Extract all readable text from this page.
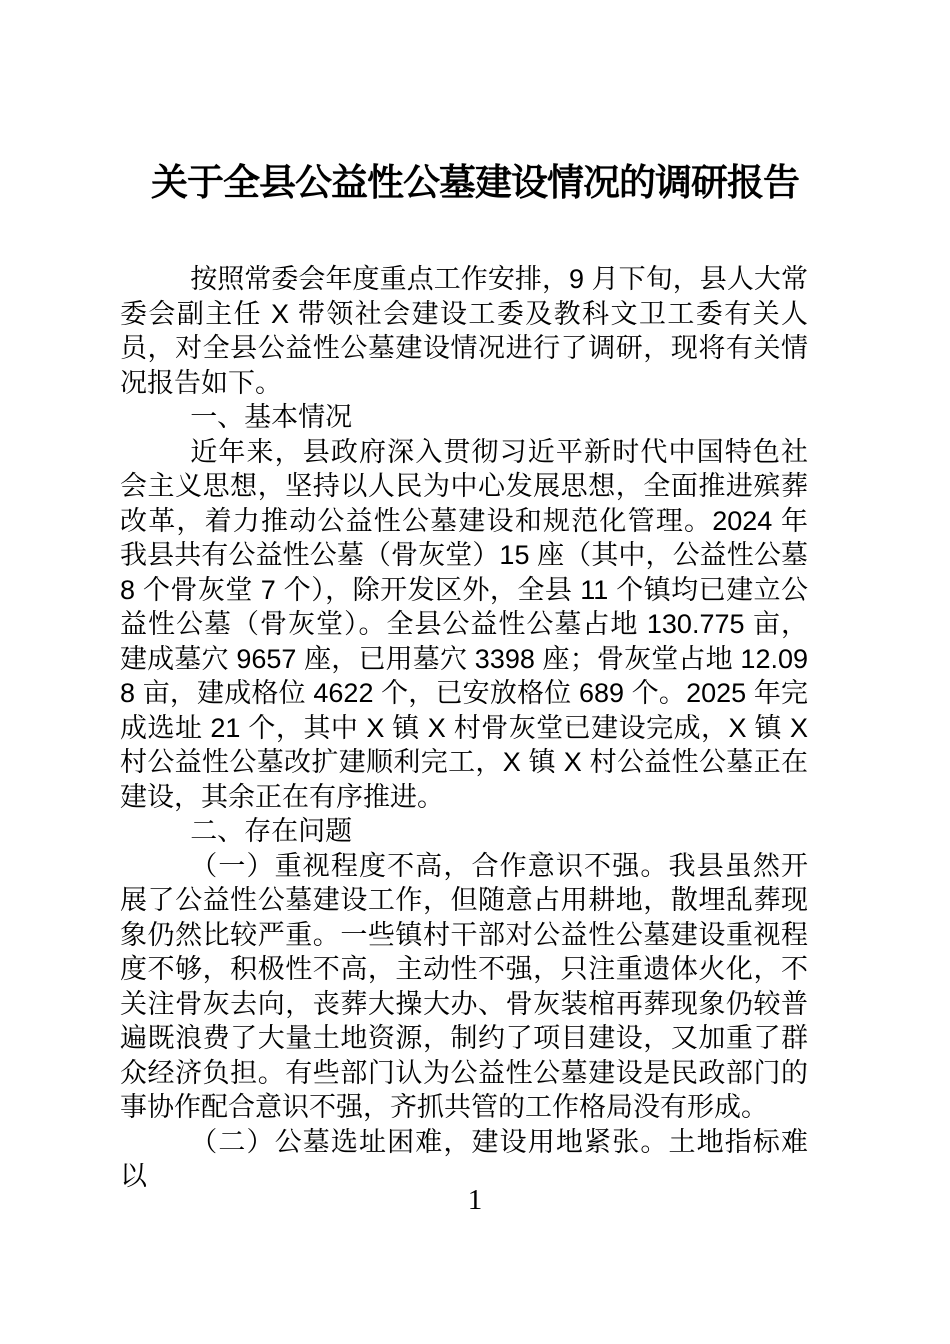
关于全县公益性公墓建设情况的调研报告

按照常委会年度重点工作安排，9 月下旬，县人大常委会副主任 X 带领社会建设工委及教科文卫工委有关人员，对全县公益性公墓建设情况进行了调研，现将有关情况报告如下。

一、基本情况

近年来，县政府深入贯彻习近平新时代中国特色社会主义思想，坚持以人民为中心发展思想，全面推进殡葬改革，着力推动公益性公墓建设和规范化管理。2024 年我县共有公益性公墓（骨灰堂）15 座（其中，公益性公墓 8 个骨灰堂 7 个），除开发区外，全县 11 个镇均已建立公益性公墓（骨灰堂）。全县公益性公墓占地 130.775 亩，建成墓穴 9657 座，已用墓穴 3398 座；骨灰堂占地 12.098 亩，建成格位 4622 个，已安放格位 689 个。2025 年完成选址 21 个，其中 X 镇 X 村骨灰堂已建设完成，X 镇 X 村公益性公墓改扩建顺利完工，X 镇 X 村公益性公墓正在建设，其余正在有序推进。

二、存在问题

（一）重视程度不高，合作意识不强。我县虽然开展了公益性公墓建设工作，但随意占用耕地，散埋乱葬现象仍然比较严重。一些镇村干部对公益性公墓建设重视程度不够，积极性不高，主动性不强，只注重遗体火化，不关注骨灰去向，丧葬大操大办、骨灰装棺再葬现象仍较普遍既浪费了大量土地资源，制约了项目建设，又加重了群众经济负担。有些部门认为公益性公墓建设是民政部门的事协作配合意识不强，齐抓共管的工作格局没有形成。

（二）公墓选址困难，建设用地紧张。土地指标难以

1
